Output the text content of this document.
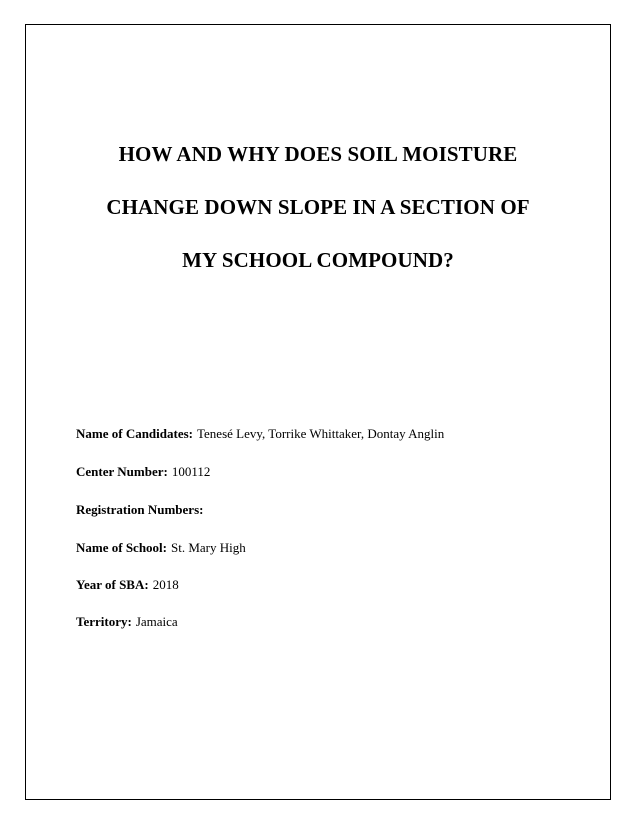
HOW AND WHY DOES SOIL MOISTURE
CHANGE DOWN SLOPE IN A SECTION OF
MY SCHOOL COMPOUND?
Name of Candidates: Tenesé Levy, Torrike Whittaker, Dontay Anglin
Center Number: 100112
Registration Numbers:
Name of School: St. Mary High
Year of SBA: 2018
Territory: Jamaica
